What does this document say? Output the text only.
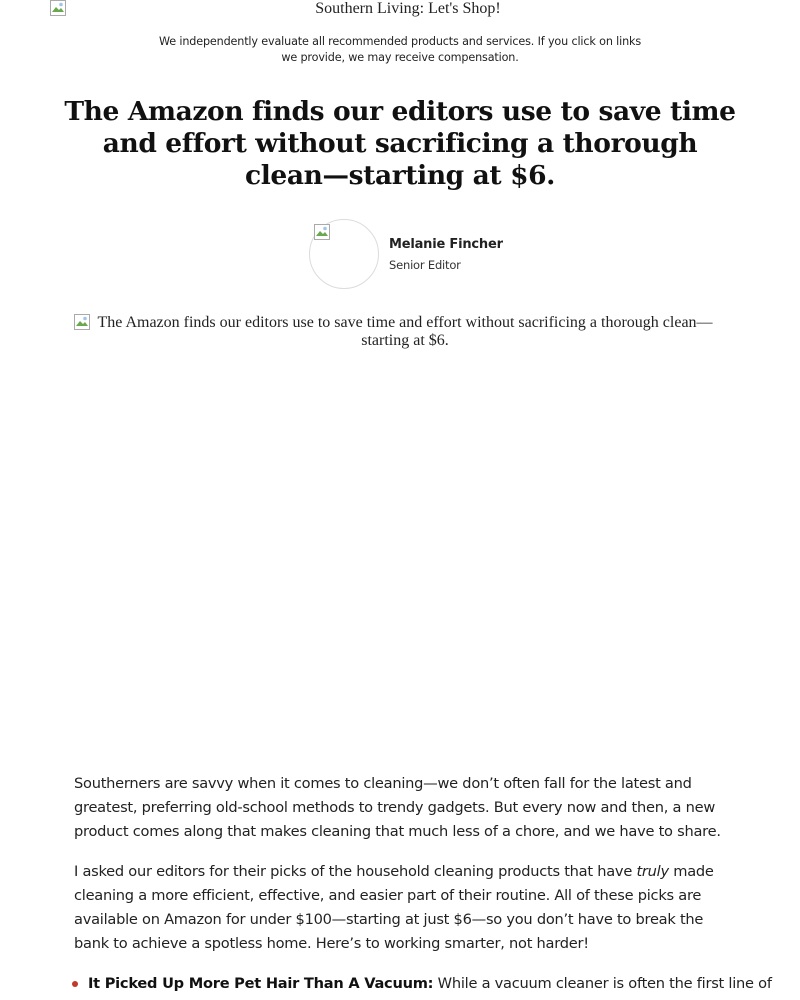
Southern Living: Let's Shop!
We independently evaluate all recommended products and services. If you click on links we provide, we may receive compensation.
The Amazon finds our editors use to save time and effort without sacrificing a thorough clean—starting at $6.
Melanie Fincher
Senior Editor
The Amazon finds our editors use to save time and effort without sacrificing a thorough clean—starting at $6.

Southerners are savvy when it comes to cleaning—we don’t often fall for the latest and greatest, preferring old-school methods to trendy gadgets. But every now and then, a new product comes along that makes cleaning that much less of a chore, and we have to share.

I asked our editors for their picks of the household cleaning products that have truly made cleaning a more efficient, effective, and easier part of their routine. All of these picks are available on Amazon for under $100—starting at just $6—so you don’t have to break the bank to achieve a spotless home. Here’s to working smarter, not harder!

It Picked Up More Pet Hair Than A Vacuum: While a vacuum cleaner is often the first line of
